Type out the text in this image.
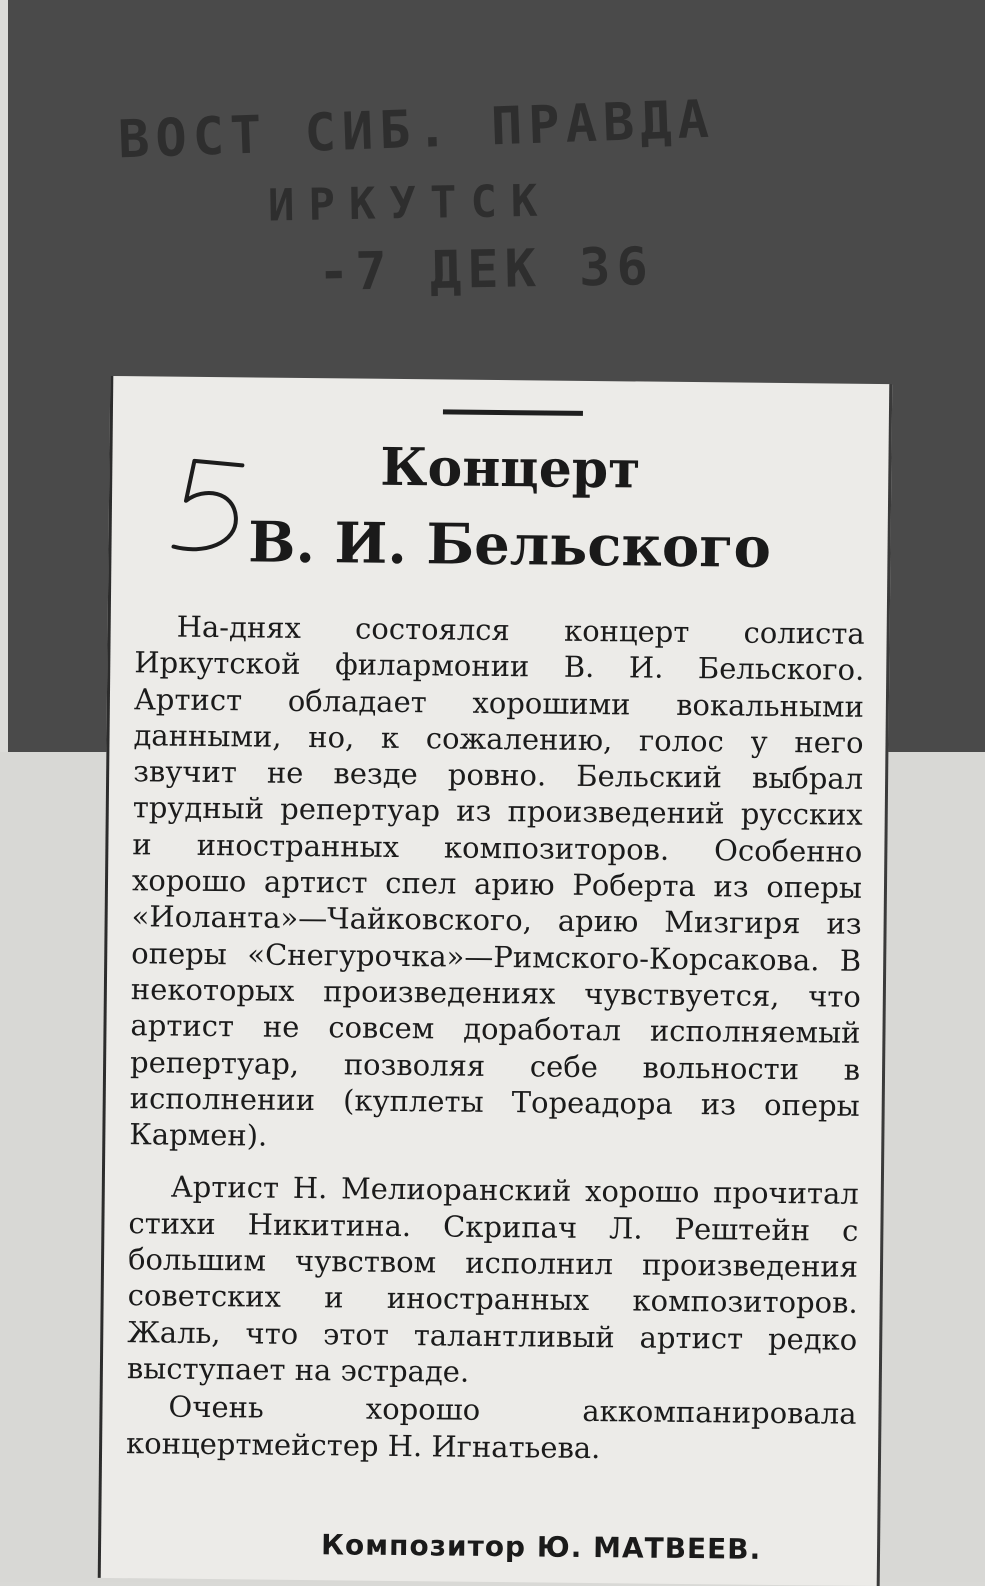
ВОСТ СИБ. ПРАВДА
ИРКУТСК
-7 ДЕК 36
Концерт
В. И. Бельского

На-днях состоялся концерт солиста Иркутской филармонии В. И. Бельского. Артист обладает хорошими вокальными данными, но, к сожалению, голос у него звучит не везде ровно. Бельский выбрал трудный репертуар из произведений русских и иностранных композиторов. Особенно хорошо артист спел арию Роберта из оперы «Иоланта»—Чайковского, арию Мизгиря из оперы «Снегурочка»—Римского-Корсакова. В некоторых произведениях чувствуется, что артист не совсем доработал исполняемый репертуар, позволяя себе вольности в исполнении (куплеты Тореадора из оперы Кармен).

Артист Н. Мелиоранский хорошо прочитал стихи Никитина. Скрипач Л. Рештейн с большим чувством исполнил произведения советских и иностранных композиторов. Жаль, что этот талантливый артист редко выступает на эстраде.

Очень хорошо аккомпанировала концертмейстер Н. Игнатьева.

Композитор Ю. МАТВЕЕВ.
